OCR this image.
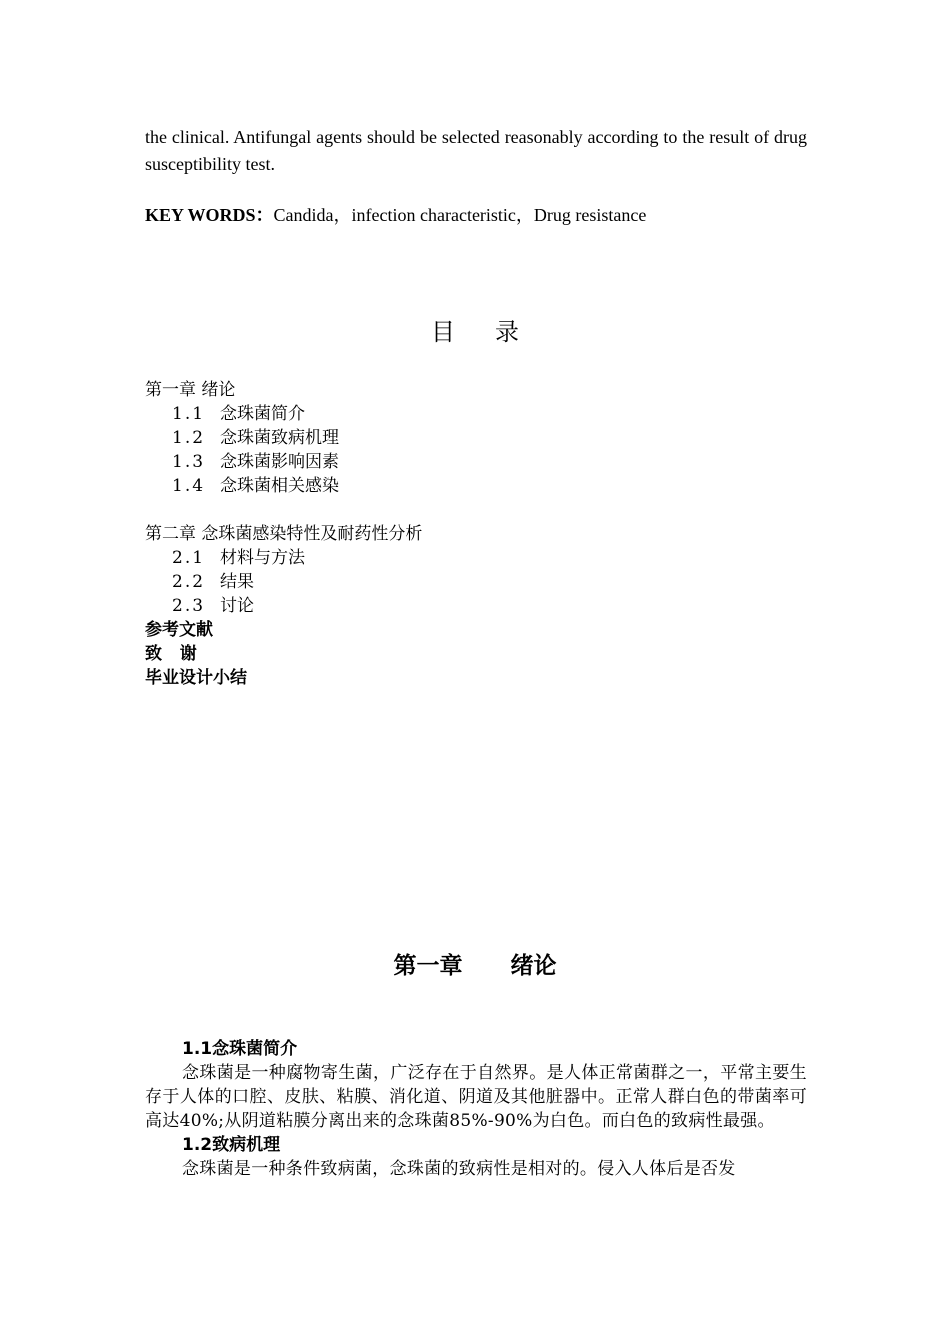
the clinical. Antifungal agents should be selected reasonably according to the result of drug susceptibility test.
KEY WORDS：Candida，infection characteristic，Drug resistance
目录
第一章 绪论
1.1 念珠菌简介
1.2 念珠菌致病机理
1.3 念珠菌影响因素
1.4 念珠菌相关感染
第二章 念珠菌感染特性及耐药性分析
2.1 材料与方法
2.2 结果
2.3 讨论
参考文献
致   谢
毕业设计小结
第一章  绪论
1.1念珠菌简介
念珠菌是一种腐物寄生菌，广泛存在于自然界。是人体正常菌群之一，平常主要生存于人体的口腔、皮肤、粘膜、消化道、阴道及其他脏器中。正常人群白色的带菌率可高达40%;从阴道粘膜分离出来的念珠菌85%-90%为白色。而白色的致病性最强。
1.2致病机理
念珠菌是一种条件致病菌，念珠菌的致病性是相对的。侵入人体后是否发
